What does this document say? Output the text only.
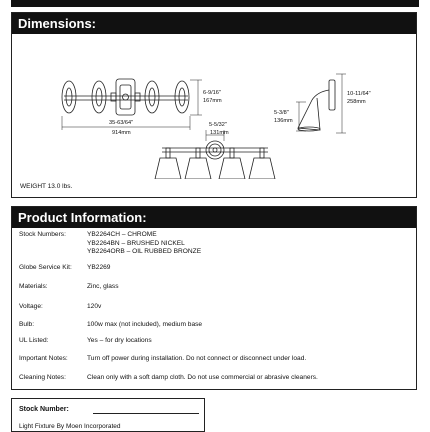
Dimensions:
35-63/64"
914mm
6-9/16"
167mm
10-11/64"
258mm
5-3/8"
136mm
5-5/32"
131mm
WEIGHT 13.0 lbs.
Product Information:
Stock Numbers:	YB2264CH – CHROME
YB2264BN – BRUSHED NICKEL
YB2264ORB – OIL RUBBED BRONZE
Globe Service Kit:	YB2269
Materials:	Zinc, glass
Voltage:	120v
Bulb:	100w max (not included), medium base
UL Listed:	Yes – for dry locations
Important Notes:	Turn off power during installation. Do not connect or disconnect under load.
Cleaning Notes:	Clean only with a soft damp cloth. Do not use commercial or abrasive cleaners.
Stock Number:
Light Fixture By Moen Incorporated
